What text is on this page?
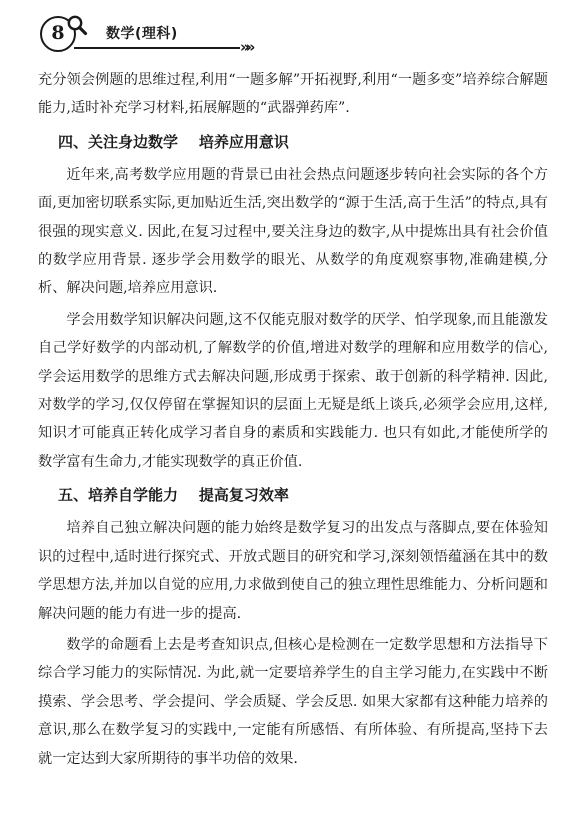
8	数学(理科)
»»

充分领会例题的思维过程,利用“一题多解”开拓视野,利用“一题多变”培养综合解题能力,适时补充学习材料,拓展解题的“武器弹药库”.

四、关注身边数学    培养应用意识

近年来,高考数学应用题的背景已由社会热点问题逐步转向社会实际的各个方面,更加密切联系实际,更加贴近生活,突出数学的“源于生活,高于生活”的特点,具有很强的现实意义. 因此,在复习过程中,要关注身边的数字,从中提炼出具有社会价值的数学应用背景. 逐步学会用数学的眼光、从数学的角度观察事物,准确建模,分析、解决问题,培养应用意识.

学会用数学知识解决问题,这不仅能克服对数学的厌学、怕学现象,而且能激发自己学好数学的内部动机,了解数学的价值,增进对数学的理解和应用数学的信心,学会运用数学的思维方式去解决问题,形成勇于探索、敢于创新的科学精神. 因此,对数学的学习,仅仅停留在掌握知识的层面上无疑是纸上谈兵,必须学会应用,这样,知识才可能真正转化成学习者自身的素质和实践能力. 也只有如此,才能使所学的数学富有生命力,才能实现数学的真正价值.

五、培养自学能力    提高复习效率

培养自己独立解决问题的能力始终是数学复习的出发点与落脚点,要在体验知识的过程中,适时进行探究式、开放式题目的研究和学习,深刻领悟蕴涵在其中的数学思想方法,并加以自觉的应用,力求做到使自己的独立理性思维能力、分析问题和解决问题的能力有进一步的提高.

数学的命题看上去是考查知识点,但核心是检测在一定数学思想和方法指导下综合学习能力的实际情况. 为此,就一定要培养学生的自主学习能力,在实践中不断摸索、学会思考、学会提问、学会质疑、学会反思. 如果大家都有这种能力培养的意识,那么在数学复习的实践中,一定能有所感悟、有所体验、有所提高,坚持下去就一定达到大家所期待的事半功倍的效果.
